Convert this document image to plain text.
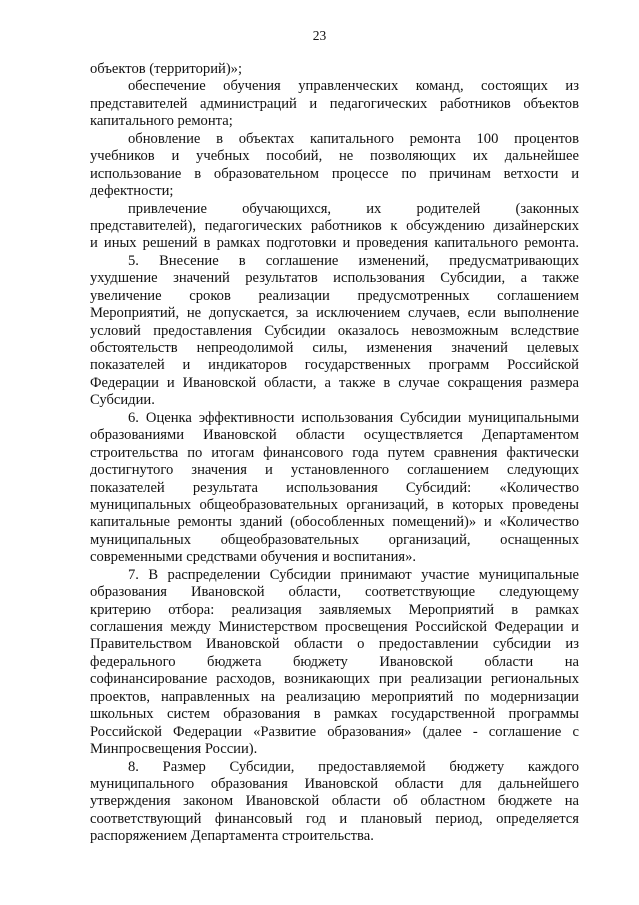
23
объектов (территорий)»;
обеспечение обучения управленческих команд, состоящих из
представителей администраций и педагогических работников объектов
капитального ремонта;
обновление в объектах капитального ремонта 100 процентов
учебников и учебных пособий, не позволяющих их дальнейшее
использование в образовательном процессе по причинам ветхости и
дефектности;
привлечение обучающихся, их родителей (законных
представителей), педагогических работников к обсуждению дизайнерских
и иных решений в рамках подготовки и проведения капитального ремонта.
5. Внесение в соглашение изменений, предусматривающих
ухудшение значений результатов использования Субсидии, а также
увеличение сроков реализации предусмотренных соглашением
Мероприятий, не допускается, за исключением случаев, если выполнение
условий предоставления Субсидии оказалось невозможным вследствие
обстоятельств непреодолимой силы, изменения значений целевых
показателей и индикаторов государственных программ Российской
Федерации и Ивановской области, а также в случае сокращения размера
Субсидии.
6. Оценка эффективности использования Субсидии муниципальными
образованиями Ивановской области осуществляется Департаментом
строительства по итогам финансового года путем сравнения фактически
достигнутого значения и установленного соглашением следующих
показателей результата использования Субсидий: «Количество
муниципальных общеобразовательных организаций, в которых проведены
капитальные ремонты зданий (обособленных помещений)» и «Количество
муниципальных общеобразовательных организаций, оснащенных
современными средствами обучения и воспитания».
7. В распределении Субсидии принимают участие муниципальные
образования Ивановской области, соответствующие следующему
критерию отбора: реализация заявляемых Мероприятий в рамках
соглашения между Министерством просвещения Российской Федерации и
Правительством Ивановской области о предоставлении субсидии из
федерального бюджета бюджету Ивановской области на
софинансирование расходов, возникающих при реализации региональных
проектов, направленных на реализацию мероприятий по модернизации
школьных систем образования в рамках государственной программы
Российской Федерации «Развитие образования» (далее - соглашение с
Минпросвещения России).
8. Размер Субсидии, предоставляемой бюджету каждого
муниципального образования Ивановской области для дальнейшего
утверждения законом Ивановской области об областном бюджете на
соответствующий финансовый год и плановый период, определяется
распоряжением Департамента строительства.
